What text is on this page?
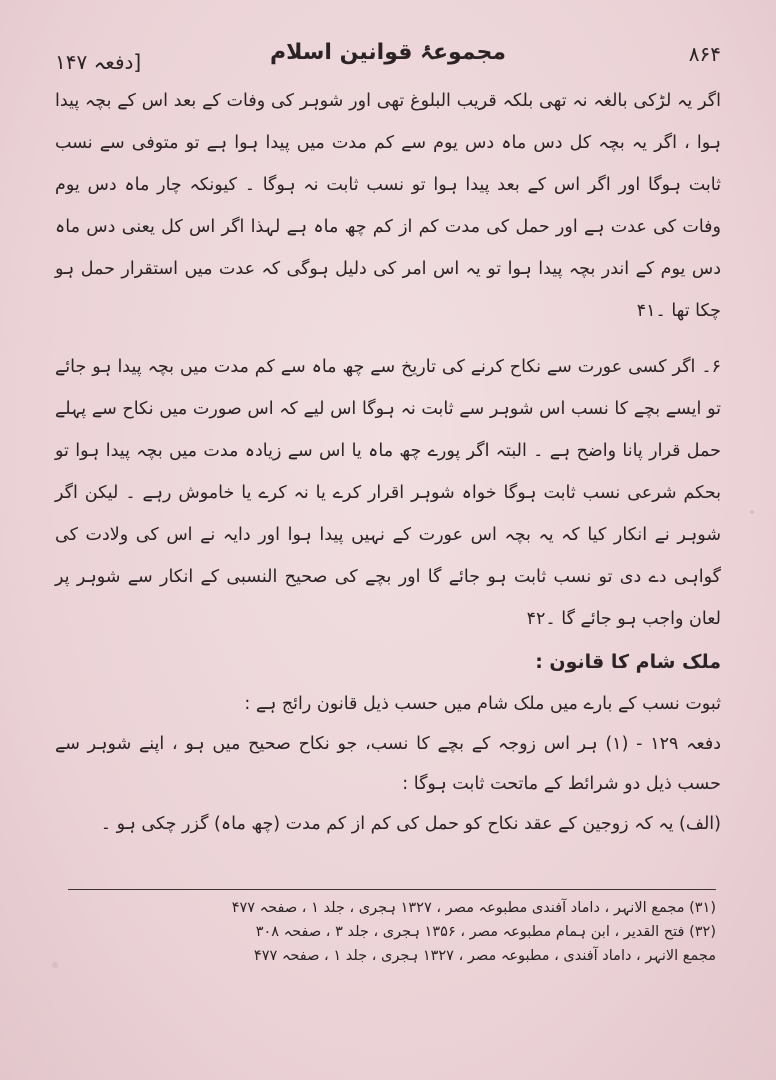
۸۶۴
مجموعۂ قوانین اسلام
[دفعہ ۱۴۷

اگر یہ لڑکی بالغہ نہ تھی بلکہ قریب البلوغ تھی اور شوہر کی وفات کے بعد اس کے بچہ پیدا ہوا ، اگر یہ بچہ کل دس ماہ دس یوم سے کم مدت میں پیدا ہوا ہے تو متوفی سے نسب ثابت ہوگا اور اگر اس کے بعد پیدا ہوا تو نسب ثابت نہ ہوگا ۔ کیونکہ چار ماہ دس یوم وفات کی عدت ہے اور حمل کی مدت کم از کم چھ ماہ ہے لہذا اگر اس کل یعنی دس ماہ دس یوم کے اندر بچہ پیدا ہوا تو یہ اس امر کی دلیل ہوگی کہ عدت میں استقرار حمل ہو چکا تھا ۔۴۱

۶۔ اگر کسی عورت سے نکاح کرنے کی تاریخ سے چھ ماہ سے کم مدت میں بچہ پیدا ہو جائے تو ایسے بچے کا نسب اس شوہر سے ثابت نہ ہوگا اس لیے کہ اس صورت میں نکاح سے پہلے حمل قرار پانا واضح ہے ۔ البتہ اگر پورے چھ ماہ یا اس سے زیادہ مدت میں بچہ پیدا ہوا تو بحکم شرعی نسب ثابت ہوگا خواہ شوہر اقرار کرے یا نہ کرے یا خاموش رہے ۔ لیکن اگر شوہر نے انکار کیا کہ یہ بچہ اس عورت کے نہیں پیدا ہوا اور دایہ نے اس کی ولادت کی گواہی دے دی تو نسب ثابت ہو جائے گا اور بچے کی صحیح النسبی کے انکار سے شوہر پر لعان واجب ہو جائے گا ۔۴۲

ملک شام کا قانون :

ثبوت نسب کے بارے میں ملک شام میں حسب ذیل قانون رائج ہے :

دفعہ ۱۲۹ - (۱) ہر اس زوجہ کے بچے کا نسب، جو نکاح صحیح میں ہو ، اپنے شوہر سے حسب ذیل دو شرائط کے ماتحت ثابت ہوگا :

(الف) یہ کہ زوجین کے عقد نکاح کو حمل کی کم از کم مدت (چھ ماہ) گزر چکی ہو ۔

(۳۱) مجمع الانہر ، داماد آفندی مطبوعہ مصر ، ۱۳۲۷ ہجری ، جلد ۱ ، صفحہ ۴۷۷

(۳۲) فتح القدیر ، ابن ہمام مطبوعہ مصر ، ۱۳۵۶ ہجری ، جلد ۳ ، صفحہ ۳۰۸

مجمع الانہر ، داماد آفندی ، مطبوعہ مصر ، ۱۳۲۷ ہجری ، جلد ۱ ، صفحہ ۴۷۷
